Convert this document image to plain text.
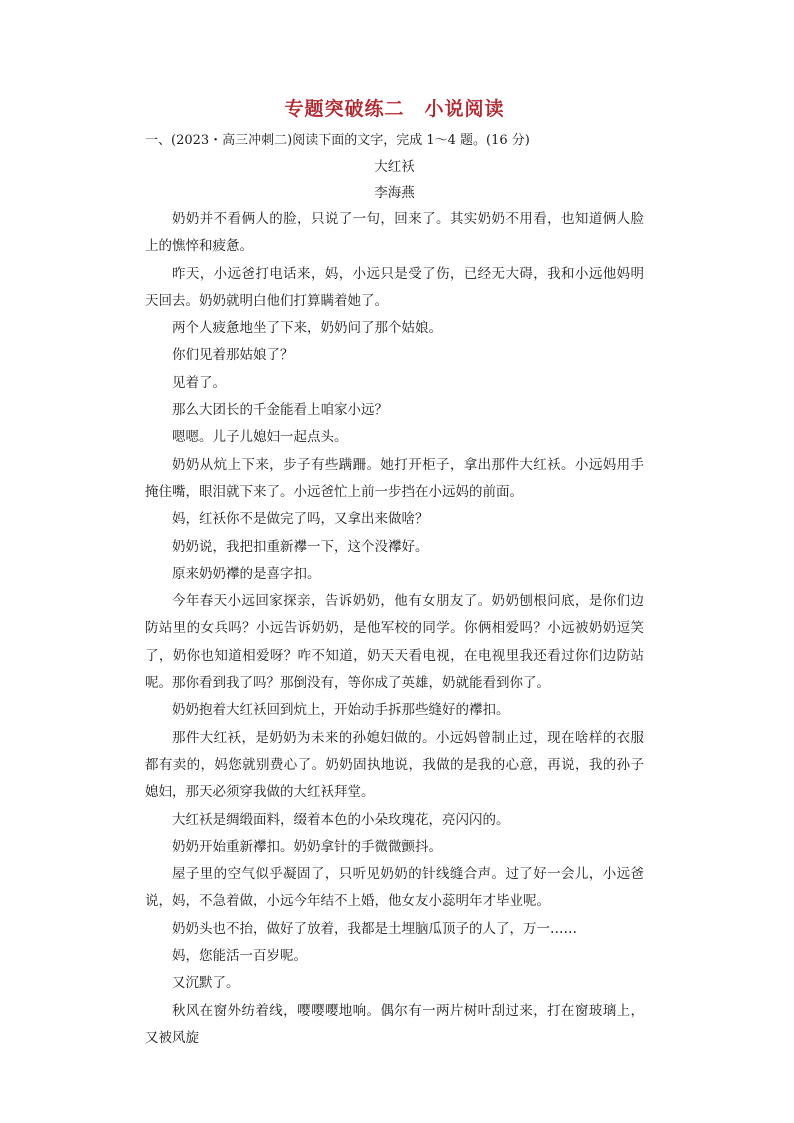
专题突破练二　小说阅读

一、(2023・高三冲刺二)阅读下面的文字，完成 1～4 题。(16 分)

大红袄

李海燕

奶奶并不看俩人的脸，只说了一句，回来了。其实奶奶不用看，也知道俩人脸上的憔悴和疲惫。

昨天，小远爸打电话来，妈，小远只是受了伤，已经无大碍，我和小远他妈明天回去。奶奶就明白他们打算瞒着她了。

两个人疲惫地坐了下来，奶奶问了那个姑娘。

你们见着那姑娘了？

见着了。

那么大团长的千金能看上咱家小远？

嗯嗯。儿子儿媳妇一起点头。

奶奶从炕上下来，步子有些蹒跚。她打开柜子，拿出那件大红袄。小远妈用手掩住嘴，眼泪就下来了。小远爸忙上前一步挡在小远妈的前面。

妈，红袄你不是做完了吗，又拿出来做啥？

奶奶说，我把扣重新襻一下，这个没襻好。

原来奶奶襻的是喜字扣。

今年春天小远回家探亲，告诉奶奶，他有女朋友了。奶奶刨根问底，是你们边防站里的女兵吗？小远告诉奶奶，是他军校的同学。你俩相爱吗？小远被奶奶逗笑了，奶你也知道相爱呀？咋不知道，奶天天看电视，在电视里我还看过你们边防站呢。那你看到我了吗？那倒没有，等你成了英雄，奶就能看到你了。

奶奶抱着大红袄回到炕上，开始动手拆那些缝好的襻扣。

那件大红袄，是奶奶为未来的孙媳妇做的。小远妈曾制止过，现在啥样的衣服都有卖的，妈您就别费心了。奶奶固执地说，我做的是我的心意，再说，我的孙子媳妇，那天必须穿我做的大红袄拜堂。

大红袄是绸缎面料，缀着本色的小朵玫瑰花，亮闪闪的。

奶奶开始重新襻扣。奶奶拿针的手微微颤抖。

屋子里的空气似乎凝固了，只听见奶奶的针线缝合声。过了好一会儿，小远爸说，妈，不急着做，小远今年结不上婚，他女友小蕊明年才毕业呢。

奶奶头也不抬，做好了放着，我都是土埋脑瓜顶子的人了，万一……

妈，您能活一百岁呢。

又沉默了。

秋风在窗外纺着线，嘤嘤嘤地响。偶尔有一两片树叶刮过来，打在窗玻璃上，又被风旋
